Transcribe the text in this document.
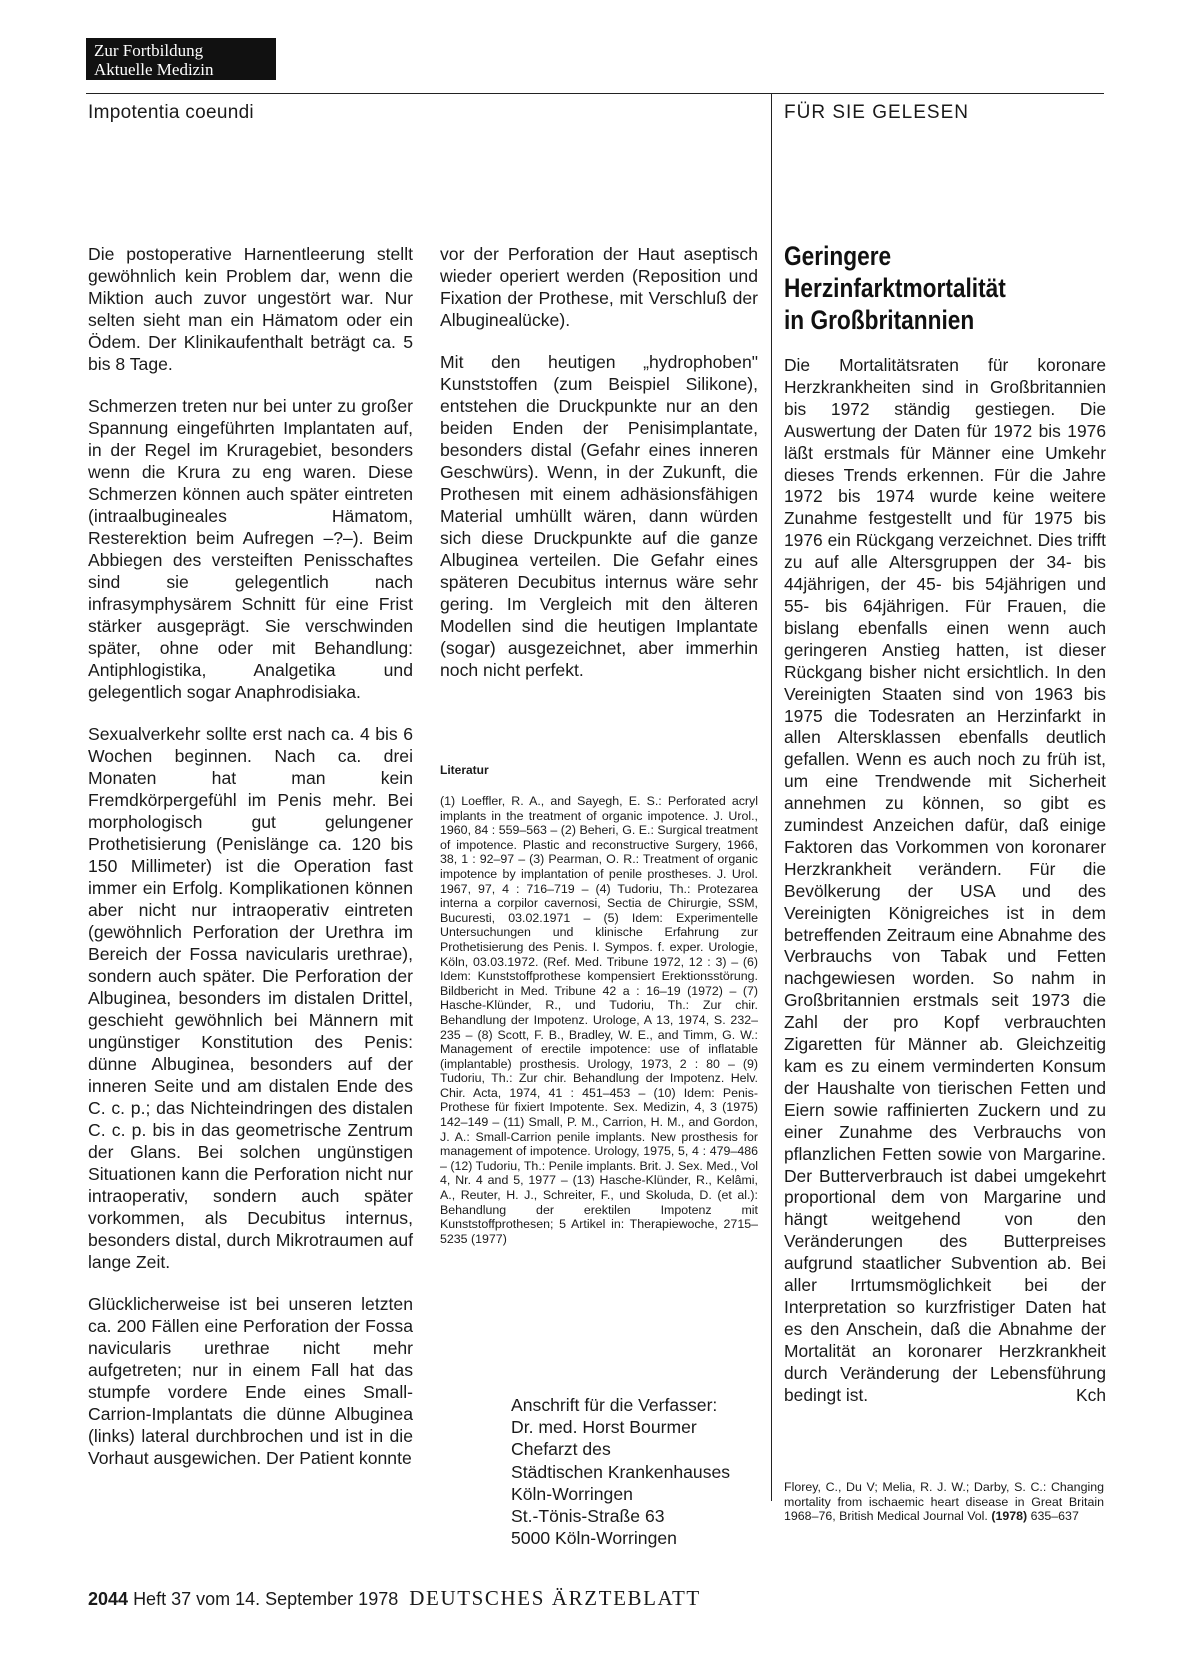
Zur Fortbildung
Aktuelle Medizin
Impotentia coeundi	FÜR SIE GELESEN

Die postoperative Harnentleerung stellt gewöhnlich kein Problem dar, wenn die Miktion auch zuvor ungestört war. Nur selten sieht man ein Hämatom oder ein Ödem. Der Klinikaufenthalt beträgt ca. 5 bis 8 Tage.

Schmerzen treten nur bei unter zu großer Spannung eingeführten Implantaten auf, in der Regel im Kruragebiet, besonders wenn die Krura zu eng waren. Diese Schmerzen können auch später eintreten (intraalbugineales Hämatom, Resterektion beim Aufregen –?–). Beim Abbiegen des versteiften Penisschaftes sind sie gelegentlich nach infrasymphysärem Schnitt für eine Frist stärker ausgeprägt. Sie verschwinden später, ohne oder mit Behandlung: Antiphlogistika, Analgetika und gelegentlich sogar Anaphrodisiaka.

Sexualverkehr sollte erst nach ca. 4 bis 6 Wochen beginnen. Nach ca. drei Monaten hat man kein Fremdkörpergefühl im Penis mehr. Bei morphologisch gut gelungener Prothetisierung (Penislänge ca. 120 bis 150 Millimeter) ist die Operation fast immer ein Erfolg. Komplikationen können aber nicht nur intraoperativ eintreten (gewöhnlich Perforation der Urethra im Bereich der Fossa navicularis urethrae), sondern auch später. Die Perforation der Albuginea, besonders im distalen Drittel, geschieht gewöhnlich bei Männern mit ungünstiger Konstitution des Penis: dünne Albuginea, besonders auf der inneren Seite und am distalen Ende des C. c. p.; das Nichteindringen des distalen C. c. p. bis in das geometrische Zentrum der Glans. Bei solchen ungünstigen Situationen kann die Perforation nicht nur intraoperativ, sondern auch später vorkommen, als Decubitus internus, besonders distal, durch Mikrotraumen auf lange Zeit.

Glücklicherweise ist bei unseren letzten ca. 200 Fällen eine Perforation der Fossa navicularis urethrae nicht mehr aufgetreten; nur in einem Fall hat das stumpfe vordere Ende eines Small-Carrion-Implantats die dünne Albuginea (links) lateral durchbrochen und ist in die Vorhaut ausgewichen. Der Patient konnte

vor der Perforation der Haut aseptisch wieder operiert werden (Reposition und Fixation der Prothese, mit Verschluß der Albuginealücke).

Mit den heutigen „hydrophoben" Kunststoffen (zum Beispiel Silikone), entstehen die Druckpunkte nur an den beiden Enden der Penisimplantate, besonders distal (Gefahr eines inneren Geschwürs). Wenn, in der Zukunft, die Prothesen mit einem adhäsionsfähigen Material umhüllt wären, dann würden sich diese Druckpunkte auf die ganze Albuginea verteilen. Die Gefahr eines späteren Decubitus internus wäre sehr gering. Im Vergleich mit den älteren Modellen sind die heutigen Implantate (sogar) ausgezeichnet, aber immerhin noch nicht perfekt.

Literatur
(1) Loeffler, R. A., and Sayegh, E. S.: Perforated acryl implants in the treatment of organic impotence. J. Urol., 1960, 84 : 559–563 – (2) Beheri, G. E.: Surgical treatment of impotence. Plastic and reconstructive Surgery, 1966, 38, 1 : 92–97 – (3) Pearman, O. R.: Treatment of organic impotence by implantation of penile prostheses. J. Urol. 1967, 97, 4 : 716–719 – (4) Tudoriu, Th.: Protezarea interna a corpilor cavernosi, Sectia de Chirurgie, SSM, Bucuresti, 03.02.1971 – (5) Idem: Experimentelle Untersuchungen und klinische Erfahrung zur Prothetisierung des Penis. I. Sympos. f. exper. Urologie, Köln, 03.03.1972. (Ref. Med. Tribune 1972, 12 : 3) – (6) Idem: Kunststoffprothese kompensiert Erektionsstörung. Bildbericht in Med. Tribune 42 a : 16–19 (1972) – (7) Hasche-Klünder, R., und Tudoriu, Th.: Zur chir. Behandlung der Impotenz. Urologe, A 13, 1974, S. 232–235 – (8) Scott, F. B., Bradley, W. E., and Timm, G. W.: Management of erectile impotence: use of inflatable (implantable) prosthesis. Urology, 1973, 2 : 80 – (9) Tudoriu, Th.: Zur chir. Behandlung der Impotenz. Helv. Chir. Acta, 1974, 41 : 451–453 – (10) Idem: Penis-Prothese für fixiert Impotente. Sex. Medizin, 4, 3 (1975) 142–149 – (11) Small, P. M., Carrion, H. M., and Gordon, J. A.: Small-Carrion penile implants. New prosthesis for management of impotence. Urology, 1975, 5, 4 : 479–486 – (12) Tudoriu, Th.: Penile implants. Brit. J. Sex. Med., Vol 4, Nr. 4 and 5, 1977 – (13) Hasche-Klünder, R., Kelâmi, A., Reuter, H. J., Schreiter, F., und Skoluda, D. (et al.): Behandlung der erektilen Impotenz mit Kunststoffprothesen; 5 Artikel in: Therapiewoche, 2715–5235 (1977)
Anschrift für die Verfasser:
Dr. med. Horst Bourmer
Chefarzt des
Städtischen Krankenhauses
Köln-Worringen
St.-Tönis-Straße 63
5000 Köln-Worringen
Geringere
Herzinfarktmortalität
in Großbritannien
Die Mortalitätsraten für koronare Herzkrankheiten sind in Großbritannien bis 1972 ständig gestiegen. Die Auswertung der Daten für 1972 bis 1976 läßt erstmals für Männer eine Umkehr dieses Trends erkennen. Für die Jahre 1972 bis 1974 wurde keine weitere Zunahme festgestellt und für 1975 bis 1976 ein Rückgang verzeichnet. Dies trifft zu auf alle Altersgruppen der 34- bis 44jährigen, der 45- bis 54jährigen und 55- bis 64jährigen. Für Frauen, die bislang ebenfalls einen wenn auch geringeren Anstieg hatten, ist dieser Rückgang bisher nicht ersichtlich. In den Vereinigten Staaten sind von 1963 bis 1975 die Todesraten an Herzinfarkt in allen Altersklassen ebenfalls deutlich gefallen. Wenn es auch noch zu früh ist, um eine Trendwende mit Sicherheit annehmen zu können, so gibt es zumindest Anzeichen dafür, daß einige Faktoren das Vorkommen von koronarer Herzkrankheit verändern. Für die Bevölkerung der USA und des Vereinigten Königreiches ist in dem betreffenden Zeitraum eine Abnahme des Verbrauchs von Tabak und Fetten nachgewiesen worden. So nahm in Großbritannien erstmals seit 1973 die Zahl der pro Kopf verbrauchten Zigaretten für Männer ab. Gleichzeitig kam es zu einem verminderten Konsum der Haushalte von tierischen Fetten und Eiern sowie raffinierten Zuckern und zu einer Zunahme des Verbrauchs von pflanzlichen Fetten sowie von Margarine. Der Butterverbrauch ist dabei umgekehrt proportional dem von Margarine und hängt weitgehend von den Veränderungen des Butterpreises aufgrund staatlicher Subvention ab. Bei aller Irrtumsmöglichkeit bei der Interpretation so kurzfristiger Daten hat es den Anschein, daß die Abnahme der Mortalität an koronarer Herzkrankheit durch Veränderung der Lebensführung bedingt ist.	Kch
Florey, C., Du V; Melia, R. J. W.; Darby, S. C.: Changing mortality from ischaemic heart disease in Great Britain 1968–76, British Medical Journal Vol. (1978) 635–637
2044 Heft 37 vom 14. September 1978 DEUTSCHES ÄRZTEBLATT
